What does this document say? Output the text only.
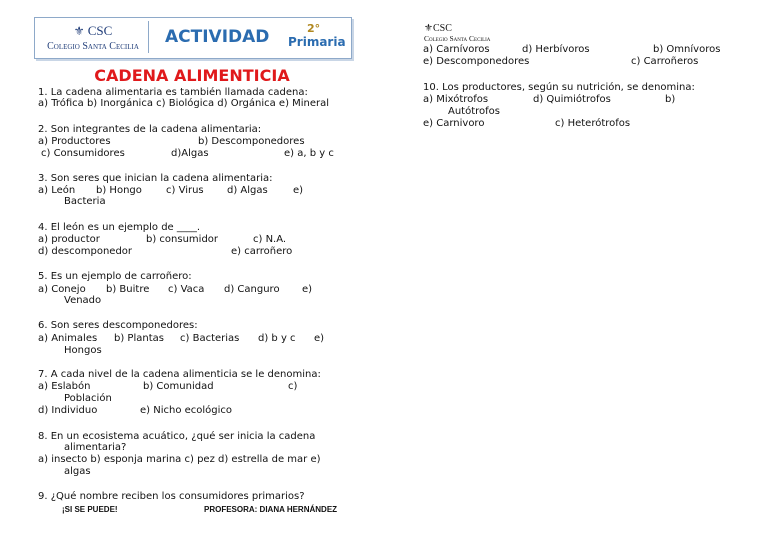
⚜ CSC
Colegio Santa Cecilia	ACTIVIDAD	2°
Primaria
CADENA ALIMENTICIA
1. La cadena alimentaria es también llamada cadena:
a) Trófica b) Inorgánica c) Biológica d) Orgánica e) Mineral
2. Son integrantes de la cadena alimentaria:
a) Productores	b) Descomponedores
c) Consumidores	d)Algas	e) a, b y c
3. Son seres que inician la cadena alimentaria:
a) León b) Hongo c) Virus d) Algas	e)
Bacteria
4. El león es un ejemplo de ____.
a) productor	b) consumidor	c) N.A.
d) descomponedor	e) carroñero
5. Es un ejemplo de carroñero:
a) Conejo b) Buitre c) Vaca d) Canguro e)
Venado
6. Son seres descomponedores:
a) Animales b) Plantas c) Bacterias d) b y c e)
Hongos
7. A cada nivel de la cadena alimenticia se le denomina:
a) Eslabón	b) Comunidad	c)
Población
d) Individuo	e) Nicho ecológico
8. En un ecosistema acuático, ¿qué ser inicia la cadena
alimentaria?
a) insecto b) esponja marina c) pez d) estrella de mar e)
algas
9. ¿Qué nombre reciben los consumidores primarios?
¡SI SE PUEDE!	PROFESORA: DIANA HERNÁNDEZ
⚜CSC
Colegio Santa Cecilia
a) Carnívoros	d) Herbívoros	b) Omnívoros
e) Descomponedores	c) Carroñeros
10. Los productores, según su nutrición, se denomina:
a) Mixótrofos	d) Quimiótrofos	b)
Autótrofos
e) Carnivoro	c) Heterótrofos
